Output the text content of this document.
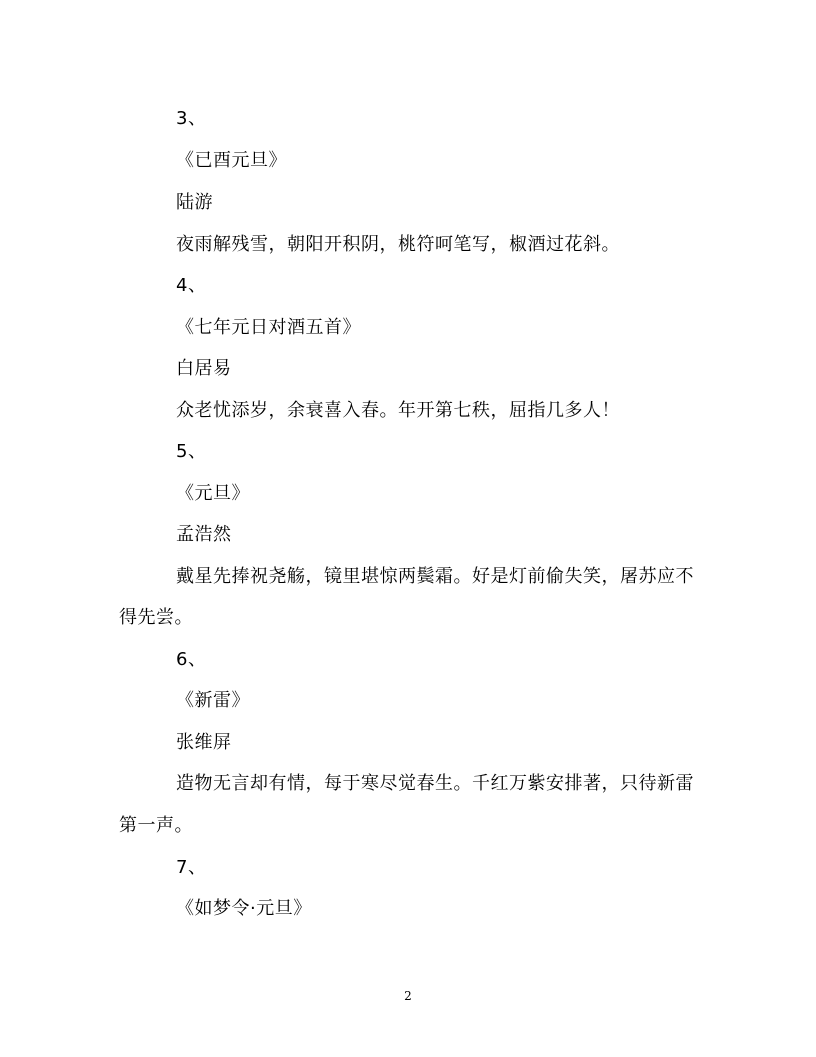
3、
《已酉元旦》
陆游
夜雨解残雪，朝阳开积阴，桃符呵笔写，椒酒过花斜。
4、
《七年元日对酒五首》
白居易
众老忧添岁，余衰喜入春。年开第七秩，屈指几多人！
5、
《元旦》
孟浩然
戴星先捧祝尧觞，镜里堪惊两鬓霜。好是灯前偷失笑，屠苏应不
得先尝。
6、
《新雷》
张维屏
造物无言却有情，每于寒尽觉春生。千红万紫安排著，只待新雷
第一声。
7、
《如梦令·元旦》
2
